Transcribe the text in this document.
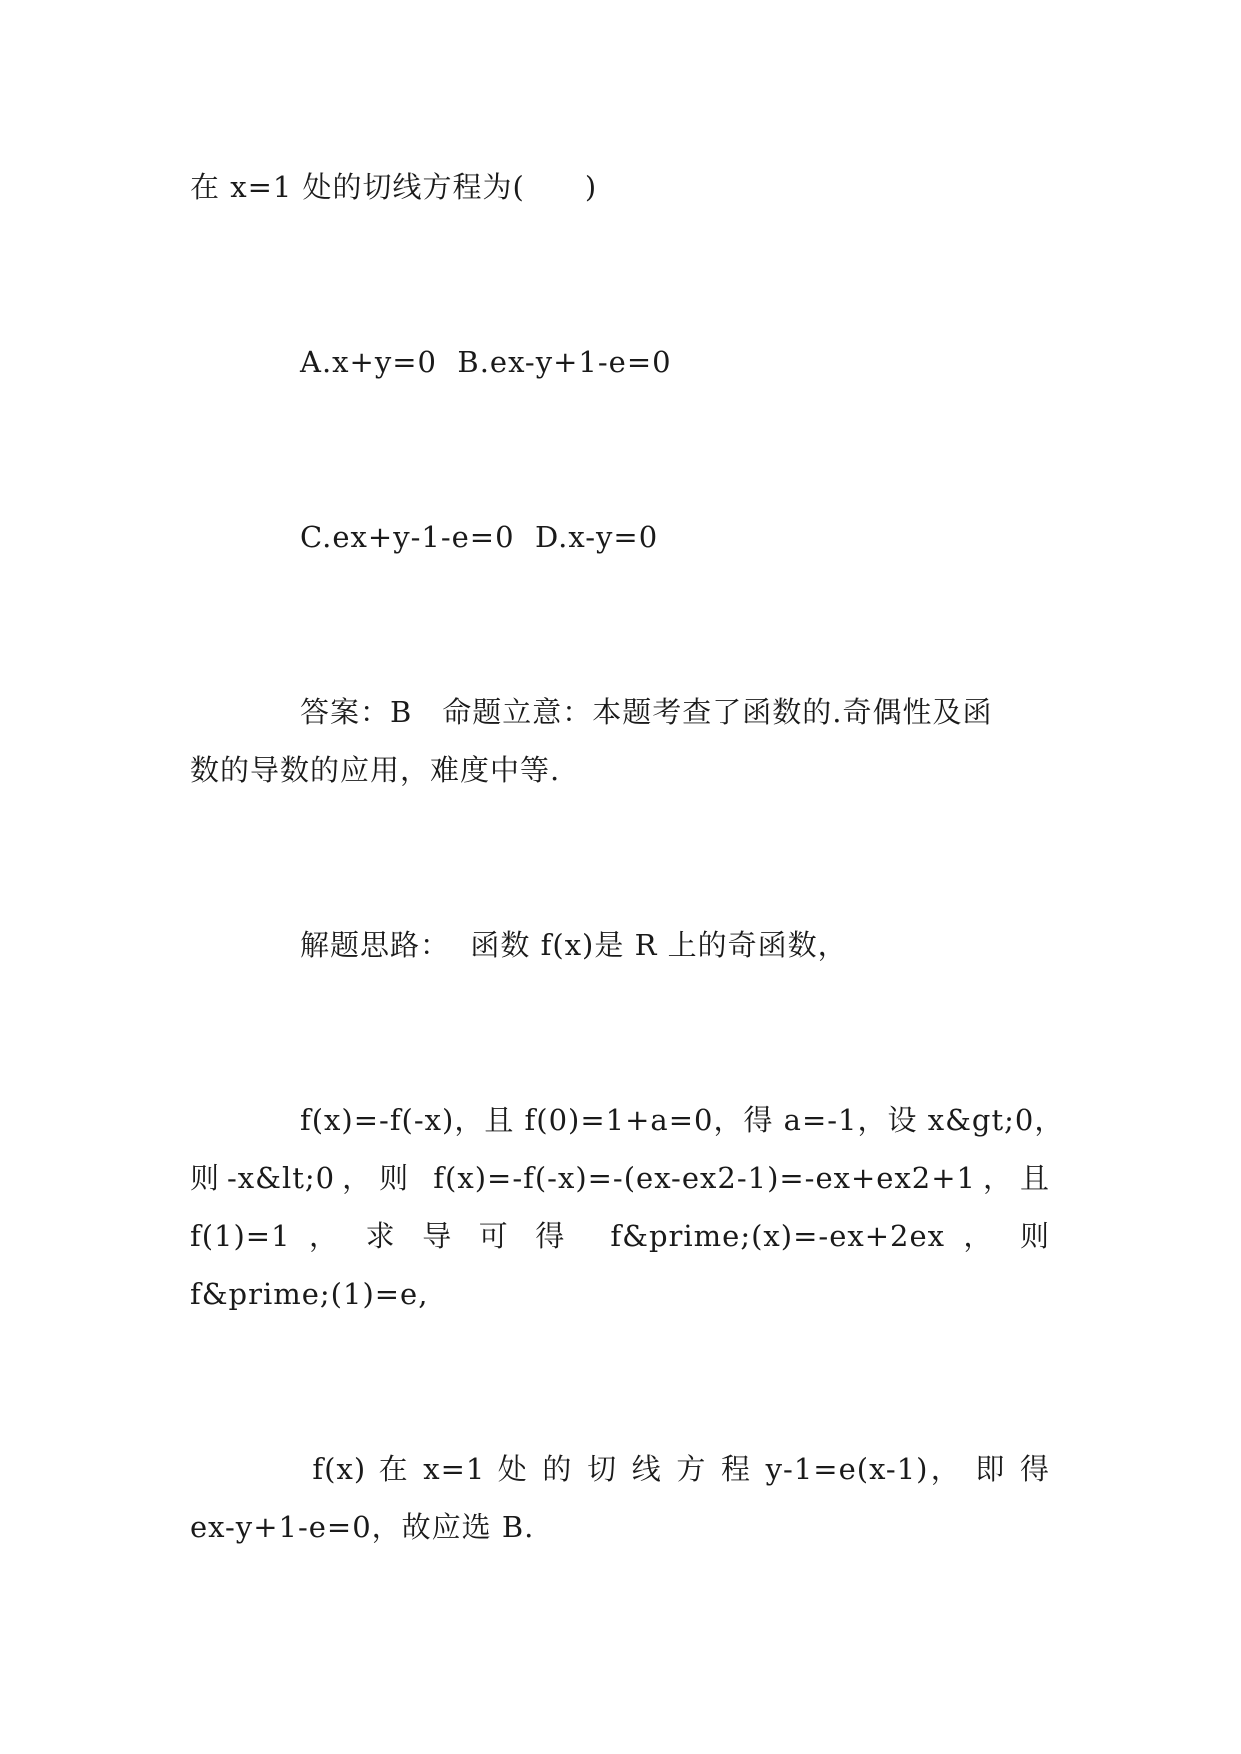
在 x=1 处的切线方程为(　　)
A.x+y=0  B.ex-y+1-e=0
C.ex+y-1-e=0  D.x-y=0
答案：B　命题立意：本题考查了函数的.奇偶性及函
数的导数的应用，难度中等.
解题思路：  函数 f(x)是 R 上的奇函数，
f(x)=-f(-x)，且 f(0)=1+a=0，得 a=-1，设 x&gt;0，
则-x&lt;0，则 f(x)=-f(-x)=-(ex-ex2-1)=-ex+ex2+1，且
f(1)=1 ， 求 导 可 得  f&prime;(x)=-ex+2ex ， 则
f&prime;(1)=e,
f(x) 在 x=1 处 的 切 线 方 程 y-1=e(x-1)， 即 得
ex-y+1-e=0，故应选 B.
